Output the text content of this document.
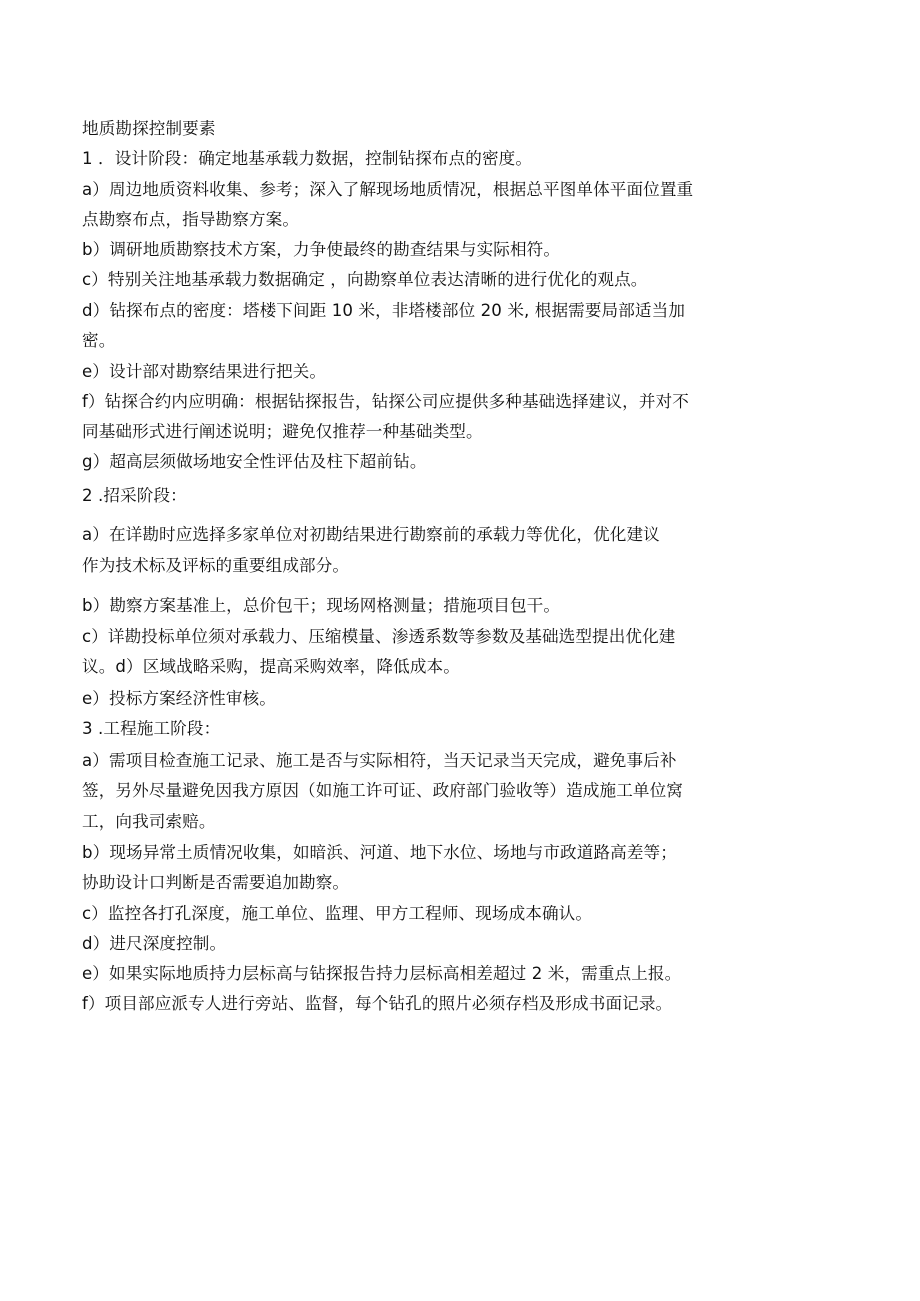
地质勘探控制要素
1 ．设计阶段：确定地基承载力数据，控制钻探布点的密度。
a）周边地质资料收集、参考；深入了解现场地质情况，根据总平图单体平面位置重
点勘察布点，指导勘察方案。
b）调研地质勘察技术方案，力争使最终的勘查结果与实际相符。
c）特别关注地基承载力数据确定 ，向勘察单位表达清晰的进行优化的观点。
d）钻探布点的密度：塔楼下间距 10 米，非塔楼部位 20 米, 根据需要局部适当加
密。
e）设计部对勘察结果进行把关。
f）钻探合约内应明确：根据钻探报告，钻探公司应提供多种基础选择建议，并对不
同基础形式进行阐述说明；避免仅推荐一种基础类型。
g）超高层须做场地安全性评估及柱下超前钻。
2 .招采阶段：
a）在详勘时应选择多家单位对初勘结果进行勘察前的承载力等优化，优化建议
作为技术标及评标的重要组成部分。
b）勘察方案基准上，总价包干；现场网格测量；措施项目包干。
c）详勘投标单位须对承载力、压缩模量、渗透系数等参数及基础选型提出优化建
议。d）区域战略采购，提高采购效率，降低成本。
e）投标方案经济性审核。
3 .工程施工阶段：
a）需项目检查施工记录、施工是否与实际相符，当天记录当天完成，避免事后补
签，另外尽量避免因我方原因（如施工许可证、政府部门验收等）造成施工单位窝
工，向我司索赔。
b）现场异常土质情况收集，如暗浜、河道、地下水位、场地与市政道路高差等；
协助设计口判断是否需要追加勘察。
c）监控各打孔深度，施工单位、监理、甲方工程师、现场成本确认。
d）进尺深度控制。
e）如果实际地质持力层标高与钻探报告持力层标高相差超过 2 米，需重点上报。
f）项目部应派专人进行旁站、监督，每个钻孔的照片必须存档及形成书面记录。
